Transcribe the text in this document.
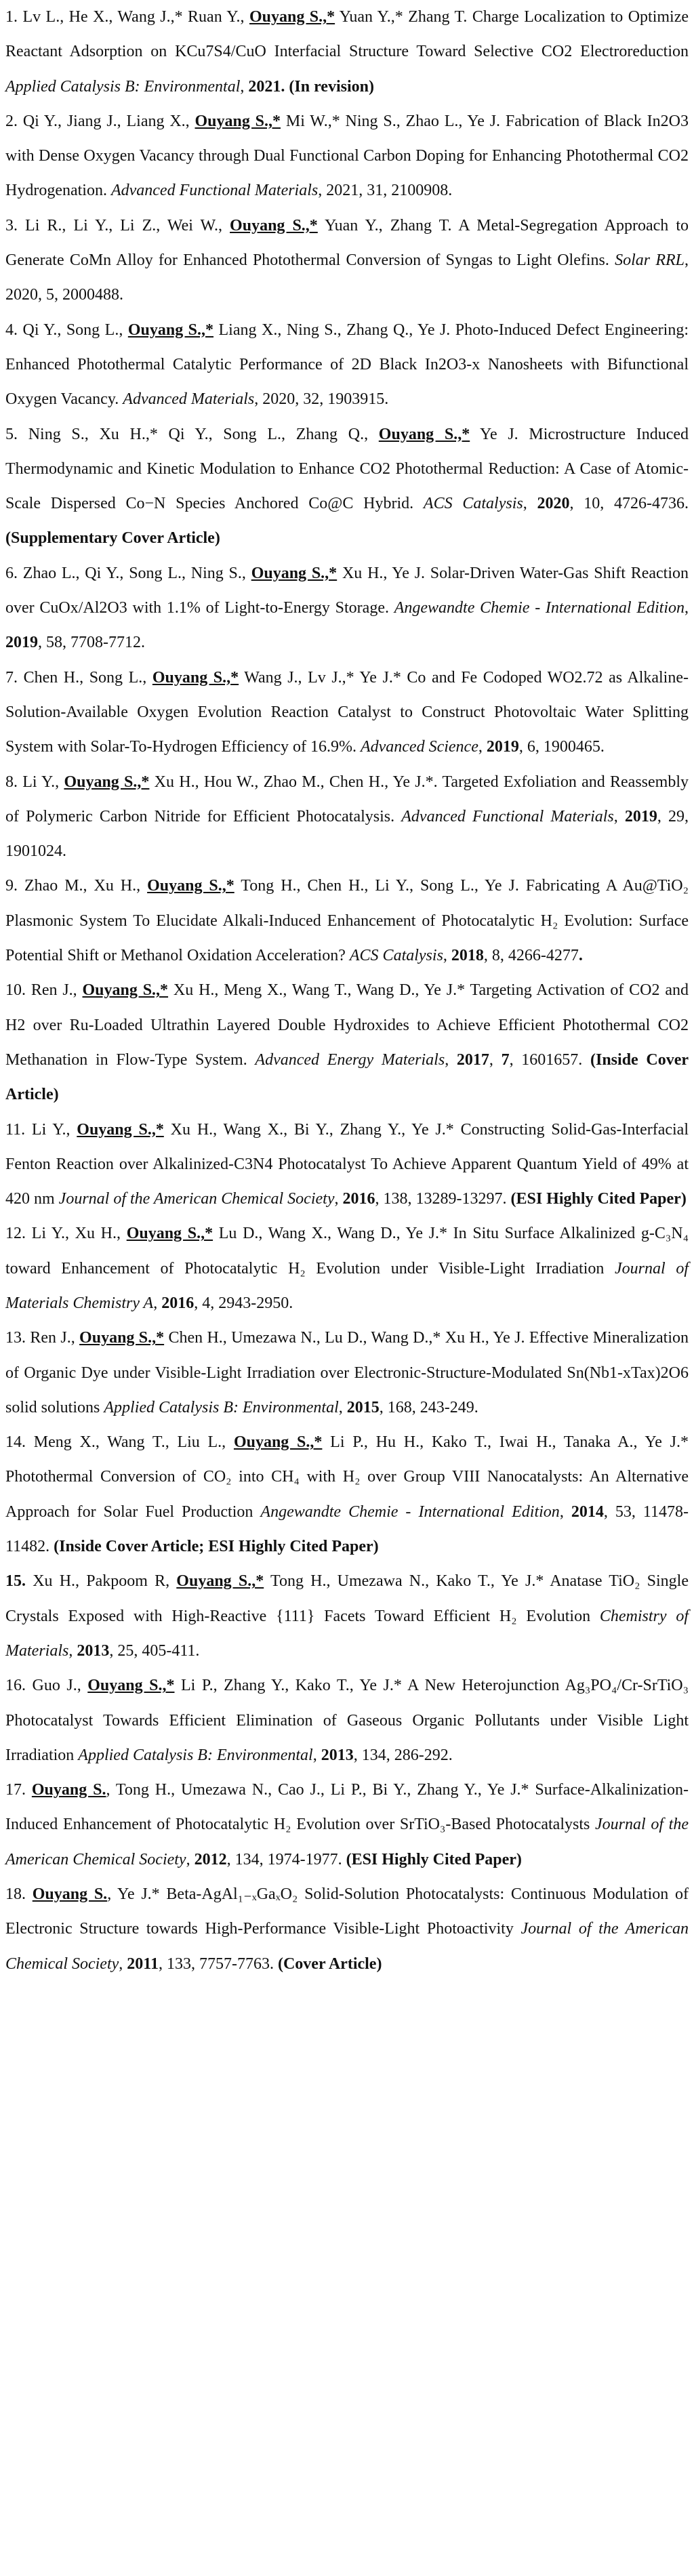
1. Lv L., He X., Wang J.,* Ruan Y., Ouyang S.,* Yuan Y.,* Zhang T. Charge Localization to Optimize Reactant Adsorption on KCu7S4/CuO Interfacial Structure Toward Selective CO2 Electroreduction Applied Catalysis B: Environmental, 2021. (In revision)
2. Qi Y., Jiang J., Liang X., Ouyang S.,* Mi W.,* Ning S., Zhao L., Ye J. Fabrication of Black In2O3 with Dense Oxygen Vacancy through Dual Functional Carbon Doping for Enhancing Photothermal CO2 Hydrogenation. Advanced Functional Materials, 2021, 31, 2100908.
3. Li R., Li Y., Li Z., Wei W., Ouyang S.,* Yuan Y., Zhang T. A Metal-Segregation Approach to Generate CoMn Alloy for Enhanced Photothermal Conversion of Syngas to Light Olefins. Solar RRL, 2020, 5, 2000488.
4. Qi Y., Song L., Ouyang S.,* Liang X., Ning S., Zhang Q., Ye J. Photo-Induced Defect Engineering: Enhanced Photothermal Catalytic Performance of 2D Black In2O3-x Nanosheets with Bifunctional Oxygen Vacancy. Advanced Materials, 2020, 32, 1903915.
5. Ning S., Xu H.,* Qi Y., Song L., Zhang Q., Ouyang S.,* Ye J. Microstructure Induced Thermodynamic and Kinetic Modulation to Enhance CO2 Photothermal Reduction: A Case of Atomic-Scale Dispersed Co−N Species Anchored Co@C Hybrid. ACS Catalysis, 2020, 10, 4726-4736. (Supplementary Cover Article)
6. Zhao L., Qi Y., Song L., Ning S., Ouyang S.,* Xu H., Ye J. Solar-Driven Water-Gas Shift Reaction over CuOx/Al2O3 with 1.1% of Light-to-Energy Storage. Angewandte Chemie - International Edition, 2019, 58, 7708-7712.
7. Chen H., Song L., Ouyang S.,* Wang J., Lv J.,* Ye J.* Co and Fe Codoped WO2.72 as Alkaline-Solution-Available Oxygen Evolution Reaction Catalyst to Construct Photovoltaic Water Splitting System with Solar-To-Hydrogen Efficiency of 16.9%. Advanced Science, 2019, 6, 1900465.
8. Li Y., Ouyang S.,* Xu H., Hou W., Zhao M., Chen H., Ye J.*. Targeted Exfoliation and Reassembly of Polymeric Carbon Nitride for Efficient Photocatalysis. Advanced Functional Materials, 2019, 29, 1901024.
9. Zhao M., Xu H., Ouyang S.,* Tong H., Chen H., Li Y., Song L., Ye J. Fabricating A Au@TiO₂ Plasmonic System To Elucidate Alkali-Induced Enhancement of Photocatalytic H₂ Evolution: Surface Potential Shift or Methanol Oxidation Acceleration? ACS Catalysis, 2018, 8, 4266-4277.
10. Ren J., Ouyang S.,* Xu H., Meng X., Wang T., Wang D., Ye J.* Targeting Activation of CO2 and H2 over Ru-Loaded Ultrathin Layered Double Hydroxides to Achieve Efficient Photothermal CO2 Methanation in Flow-Type System. Advanced Energy Materials, 2017, 7, 1601657. (Inside Cover Article)
11. Li Y., Ouyang S.,* Xu H., Wang X., Bi Y., Zhang Y., Ye J.* Constructing Solid-Gas-Interfacial Fenton Reaction over Alkalinized-C3N4 Photocatalyst To Achieve Apparent Quantum Yield of 49% at 420 nm Journal of the American Chemical Society, 2016, 138, 13289-13297. (ESI Highly Cited Paper)
12. Li Y., Xu H., Ouyang S.,* Lu D., Wang X., Wang D., Ye J.* In Situ Surface Alkalinized g-C₃N₄ toward Enhancement of Photocatalytic H₂ Evolution under Visible-Light Irradiation Journal of Materials Chemistry A, 2016, 4, 2943-2950.
13. Ren J., Ouyang S.,* Chen H., Umezawa N., Lu D., Wang D.,* Xu H., Ye J. Effective Mineralization of Organic Dye under Visible-Light Irradiation over Electronic-Structure-Modulated Sn(Nb1-xTax)2O6 solid solutions Applied Catalysis B: Environmental, 2015, 168, 243-249.
14. Meng X., Wang T., Liu L., Ouyang S.,* Li P., Hu H., Kako T., Iwai H., Tanaka A., Ye J.* Photothermal Conversion of CO₂ into CH₄ with H₂ over Group VIII Nanocatalysts: An Alternative Approach for Solar Fuel Production Angewandte Chemie - International Edition, 2014, 53, 11478-11482. (Inside Cover Article; ESI Highly Cited Paper)
15. Xu H., Pakpoom R, Ouyang S.,* Tong H., Umezawa N., Kako T., Ye J.* Anatase TiO₂ Single Crystals Exposed with High-Reactive {111} Facets Toward Efficient H₂ Evolution Chemistry of Materials, 2013, 25, 405-411.
16. Guo J., Ouyang S.,* Li P., Zhang Y., Kako T., Ye J.* A New Heterojunction Ag₃PO₄/Cr-SrTiO₃ Photocatalyst Towards Efficient Elimination of Gaseous Organic Pollutants under Visible Light Irradiation Applied Catalysis B: Environmental, 2013, 134, 286-292.
17. Ouyang S., Tong H., Umezawa N., Cao J., Li P., Bi Y., Zhang Y., Ye J.* Surface-Alkalinization-Induced Enhancement of Photocatalytic H₂ Evolution over SrTiO₃-Based Photocatalysts Journal of the American Chemical Society, 2012, 134, 1974-1977. (ESI Highly Cited Paper)
18. Ouyang S., Ye J.* Beta-AgAl₁₋ₓGaₓO₂ Solid-Solution Photocatalysts: Continuous Modulation of Electronic Structure towards High-Performance Visible-Light Photoactivity Journal of the American Chemical Society, 2011, 133, 7757-7763. (Cover Article)
